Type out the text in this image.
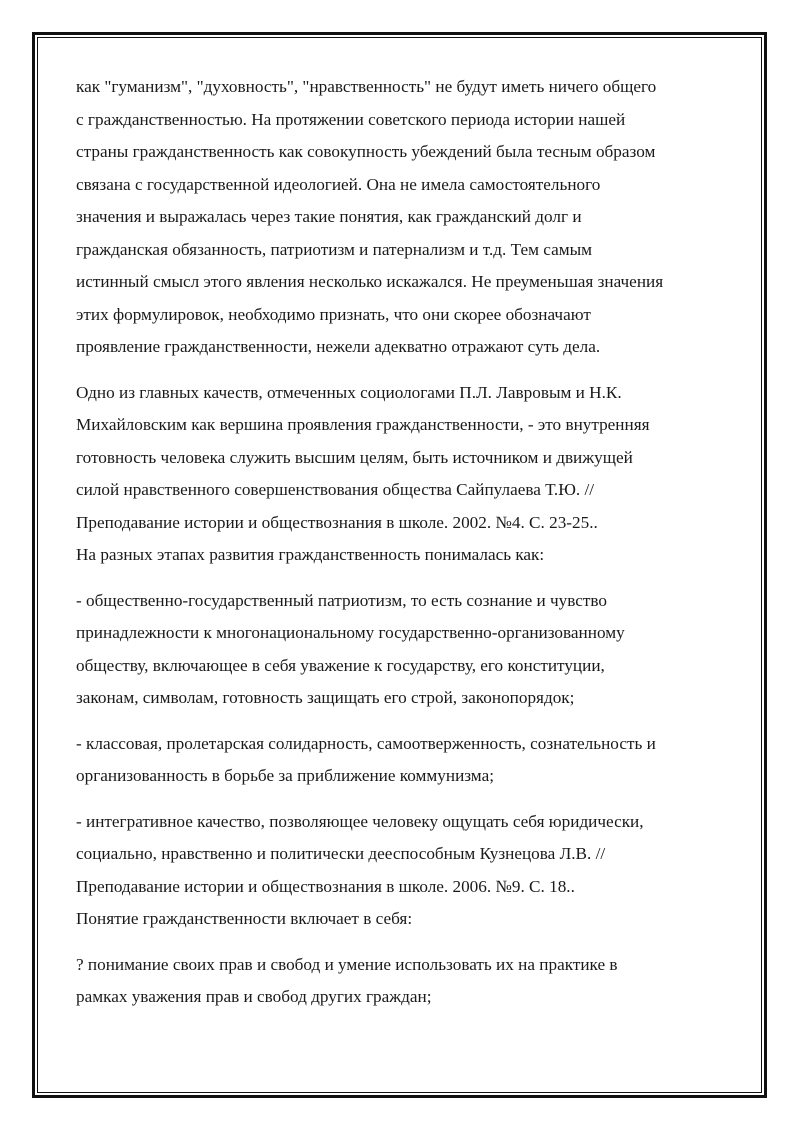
как "гуманизм", "духовность", "нравственность" не будут иметь ничего общего
с гражданственностью. На протяжении советского периода истории нашей
страны гражданственность как совокупность убеждений была тесным образом
связана с государственной идеологией. Она не имела самостоятельного
значения и выражалась через такие понятия, как гражданский долг и
гражданская обязанность, патриотизм и патернализм и т.д. Тем самым
истинный смысл этого явления несколько искажался. Не преуменьшая значения
этих формулировок, необходимо признать, что они скорее обозначают
проявление гражданственности, нежели адекватно отражают суть дела.
Одно из главных качеств, отмеченных социологами П.Л. Лавровым и Н.К.
Михайловским как вершина проявления гражданственности, - это внутренняя
готовность человека служить высшим целям, быть источником и движущей
силой нравственного совершенствования общества Сайпулаева Т.Ю. //
Преподавание истории и обществознания в школе. 2002. №4. С. 23-25..
На разных этапах развития гражданственность понималась как:
- общественно-государственный патриотизм, то есть сознание и чувство
принадлежности к многонациональному государственно-организованному
обществу, включающее в себя уважение к государству, его конституции,
законам, символам, готовность защищать его строй, законопорядок;
- классовая, пролетарская солидарность, самоотверженность, сознательность и
организованность в борьбе за приближение коммунизма;
- интегративное качество, позволяющее человеку ощущать себя юридически,
социально, нравственно и политически дееспособным Кузнецова Л.В. //
Преподавание истории и обществознания в школе. 2006. №9. С. 18..
Понятие гражданственности включает в себя:
? понимание своих прав и свобод и умение использовать их на практике в
рамках уважения прав и свобод других граждан;
